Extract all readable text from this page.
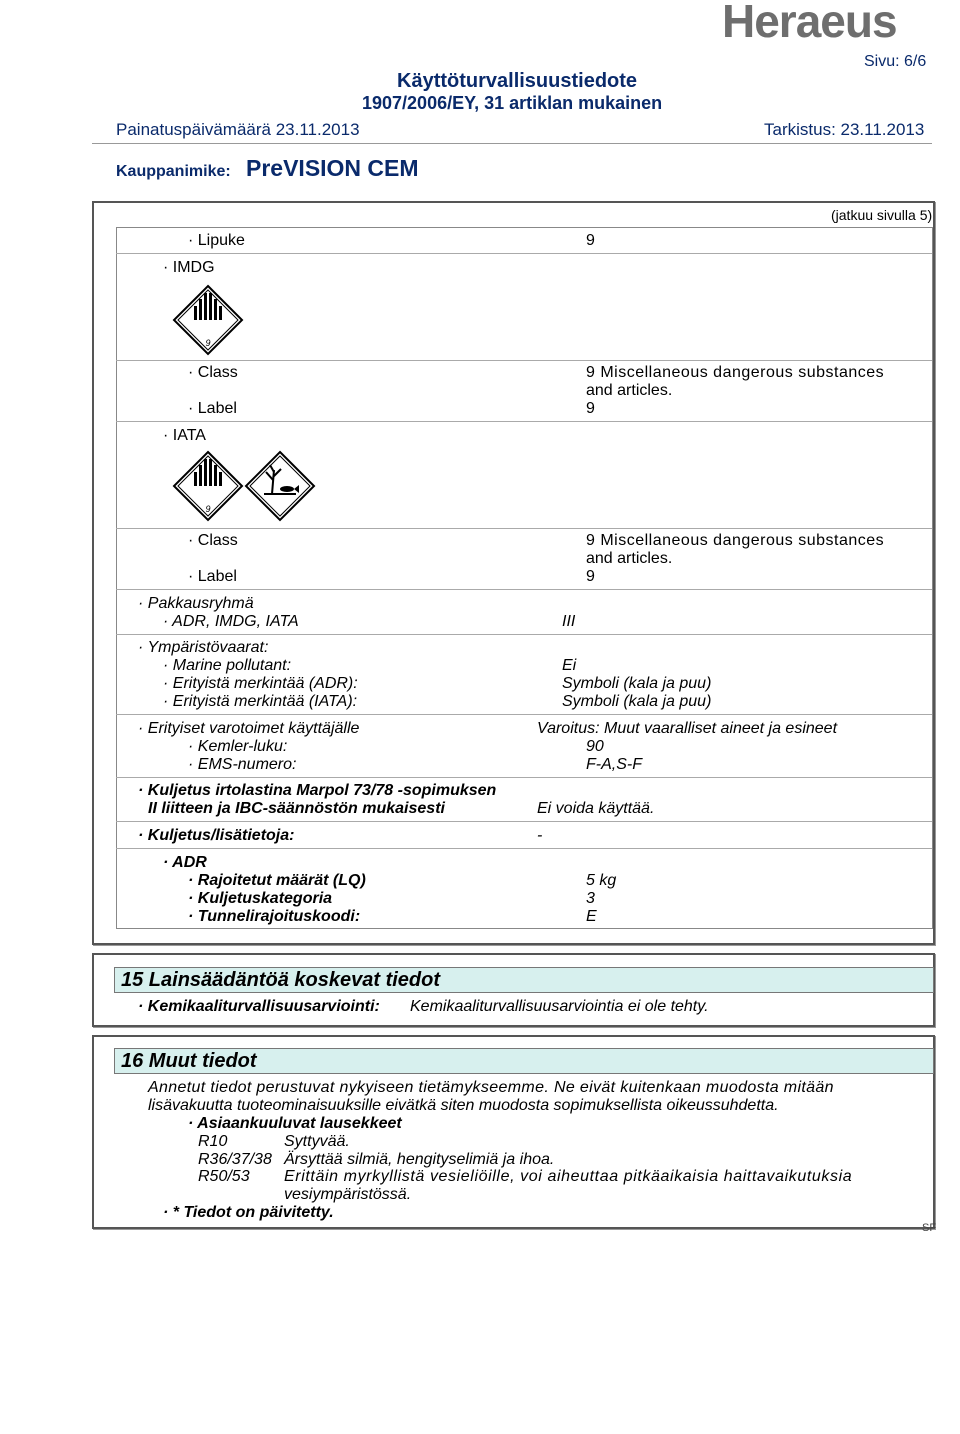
Heraeus
Sivu: 6/6
Käyttöturvallisuustiedote
1907/2006/EY, 31 artiklan mukainen
Painatuspäivämäärä 23.11.2013	Tarkistus: 23.11.2013
Kauppanimike: PreVISION CEM
(jatkuu sivulla 5)
· Lipuke	9
· IMDG
9
· Class	9 Miscellaneous dangerous substances
and articles.
· Label	9
· IATA
9
· Class	9 Miscellaneous dangerous substances
and articles.
· Label	9
· Pakkausryhmä
· ADR, IMDG, IATA	III
· Ympäristövaarat:
· Marine pollutant:	Ei
· Erityistä merkintää (ADR):	Symboli (kala ja puu)
· Erityistä merkintää (IATA):	Symboli (kala ja puu)
· Erityiset varotoimet käyttäjälle	Varoitus: Muut vaaralliset aineet ja esineet
· Kemler-luku:	90
· EMS-numero:	F-A,S-F
· Kuljetus irtolastina Marpol 73/78 -sopimuksen
II liitteen ja IBC-säännöstön mukaisesti	Ei voida käyttää.
· Kuljetus/lisätietoja:	-
· ADR
· Rajoitetut määrät (LQ)	5 kg
· Kuljetuskategoria	3
· Tunnelirajoituskoodi:	E
15 Lainsäädäntöä koskevat tiedot
· Kemikaaliturvallisuusarviointi: Kemikaaliturvallisuusarviointia ei ole tehty.
16 Muut tiedot
Annetut tiedot perustuvat nykyiseen tietämykseemme. Ne eivät kuitenkaan muodosta mitään
lisävakuutta tuoteominaisuuksille eivätkä siten muodosta sopimuksellista oikeussuhdetta.
· Asiaankuuluvat lausekkeet
R10	Syttyvää.
R36/37/38 Ärsyttää silmiä, hengityselimiä ja ihoa.
R50/53 Erittäin myrkyllistä vesieliöille, voi aiheuttaa pitkäaikaisia haittavaikutuksia
vesiympäristössä.
· * Tiedot on päivitetty.
SF
